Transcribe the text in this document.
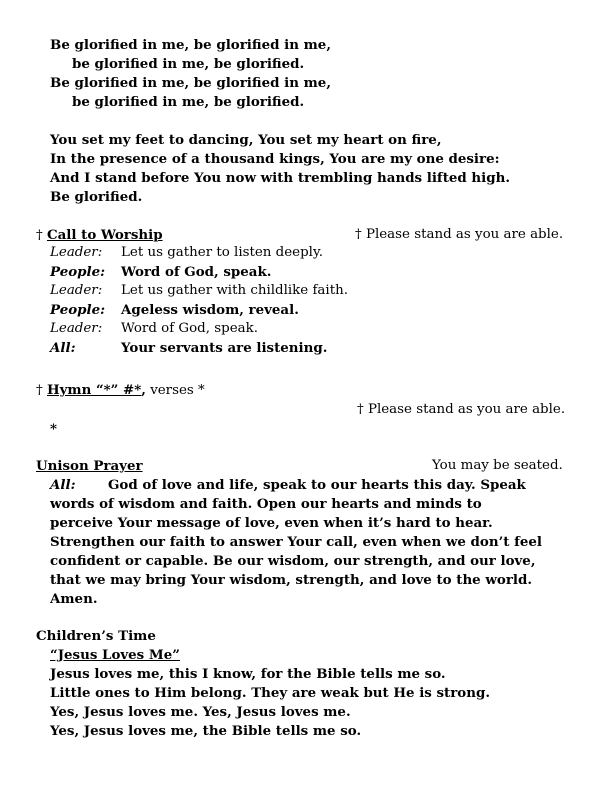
Be glorified in me, be glorified in me,
be glorified in me, be glorified.
Be glorified in me, be glorified in me,
be glorified in me, be glorified.
You set my feet to dancing, You set my heart on fire,
In the presence of a thousand kings, You are my one desire:
And I stand before You now with trembling hands lifted high.
Be glorified.
† Call to Worship	† Please stand as you are able.
Leader: Let us gather to listen deeply.
People: Word of God, speak.
Leader: Let us gather with childlike faith.
People: Ageless wisdom, reveal.
Leader: Word of God, speak.
All:	Your servants are listening.
† Hymn “*” #*, verses *
† Please stand as you are able.
*
Unison Prayer	You may be seated.
All: God of love and life, speak to our hearts this day. Speak
words of wisdom and faith. Open our hearts and minds to
perceive Your message of love, even when it’s hard to hear.
Strengthen our faith to answer Your call, even when we don’t feel
confident or capable. Be our wisdom, our strength, and our love,
that we may bring Your wisdom, strength, and love to the world.
Amen.
Children’s Time
“Jesus Loves Me”
Jesus loves me, this I know, for the Bible tells me so.
Little ones to Him belong. They are weak but He is strong.
Yes, Jesus loves me. Yes, Jesus loves me.
Yes, Jesus loves me, the Bible tells me so.
